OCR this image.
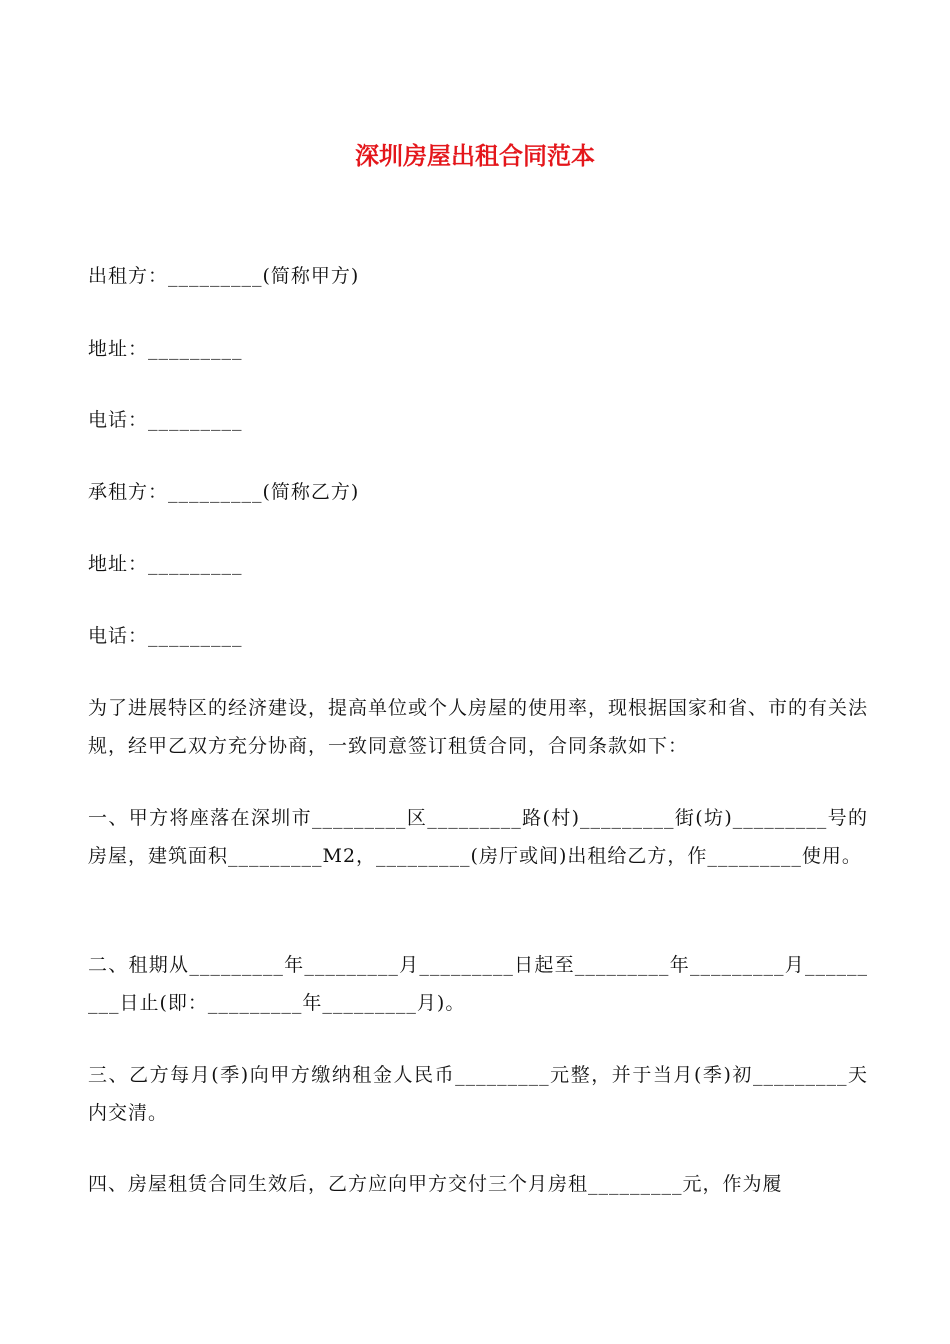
深圳房屋出租合同范本
出租方：_________(简称甲方)
地址：_________
电话：_________
承租方：_________(简称乙方)
地址：_________
电话：_________
为了进展特区的经济建设，提高单位或个人房屋的使用率，现根据国家和省、市的有关法规，经甲乙双方充分协商，一致同意签订租赁合同，合同条款如下：
一、甲方将座落在深圳市_________区_________路(村)_________街(坊)_________号的房屋，建筑面积_________M2，_________(房厅或间)出租给乙方，作_________使用。
二、租期从_________年_________月_________日起至_________年_________月_________日止(即：_________年_________月)。
三、乙方每月(季)向甲方缴纳租金人民币_________元整，并于当月(季)初_________天内交清。
四、房屋租赁合同生效后，乙方应向甲方交付三个月房租_________元，作为履
